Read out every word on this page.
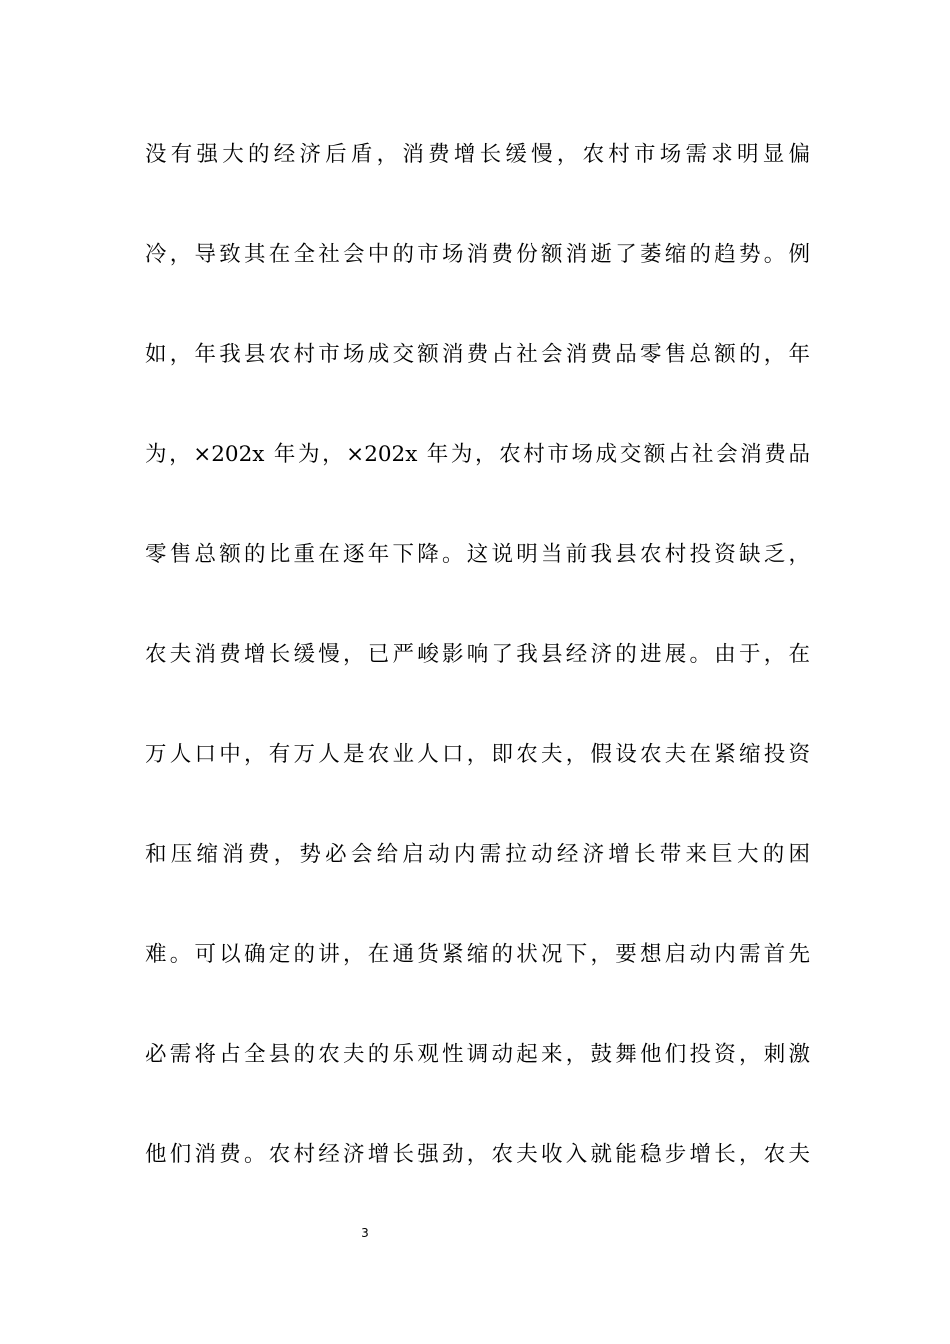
没有强大的经济后盾，消费增长缓慢，农村市场需求明显偏
冷，导致其在全社会中的市场消费份额消逝了萎缩的趋势。例
如，年我县农村市场成交额消费占社会消费品零售总额的，年
为，×202x 年为，×202x 年为，农村市场成交额占社会消费品
零售总额的比重在逐年下降。这说明当前我县农村投资缺乏，
农夫消费增长缓慢，已严峻影响了我县经济的进展。由于，在
万人口中，有万人是农业人口，即农夫，假设农夫在紧缩投资
和压缩消费，势必会给启动内需拉动经济增长带来巨大的困
难。可以确定的讲，在通货紧缩的状况下，要想启动内需首先
必需将占全县的农夫的乐观性调动起来，鼓舞他们投资，刺激
他们消费。农村经济增长强劲，农夫收入就能稳步增长，农夫
3
